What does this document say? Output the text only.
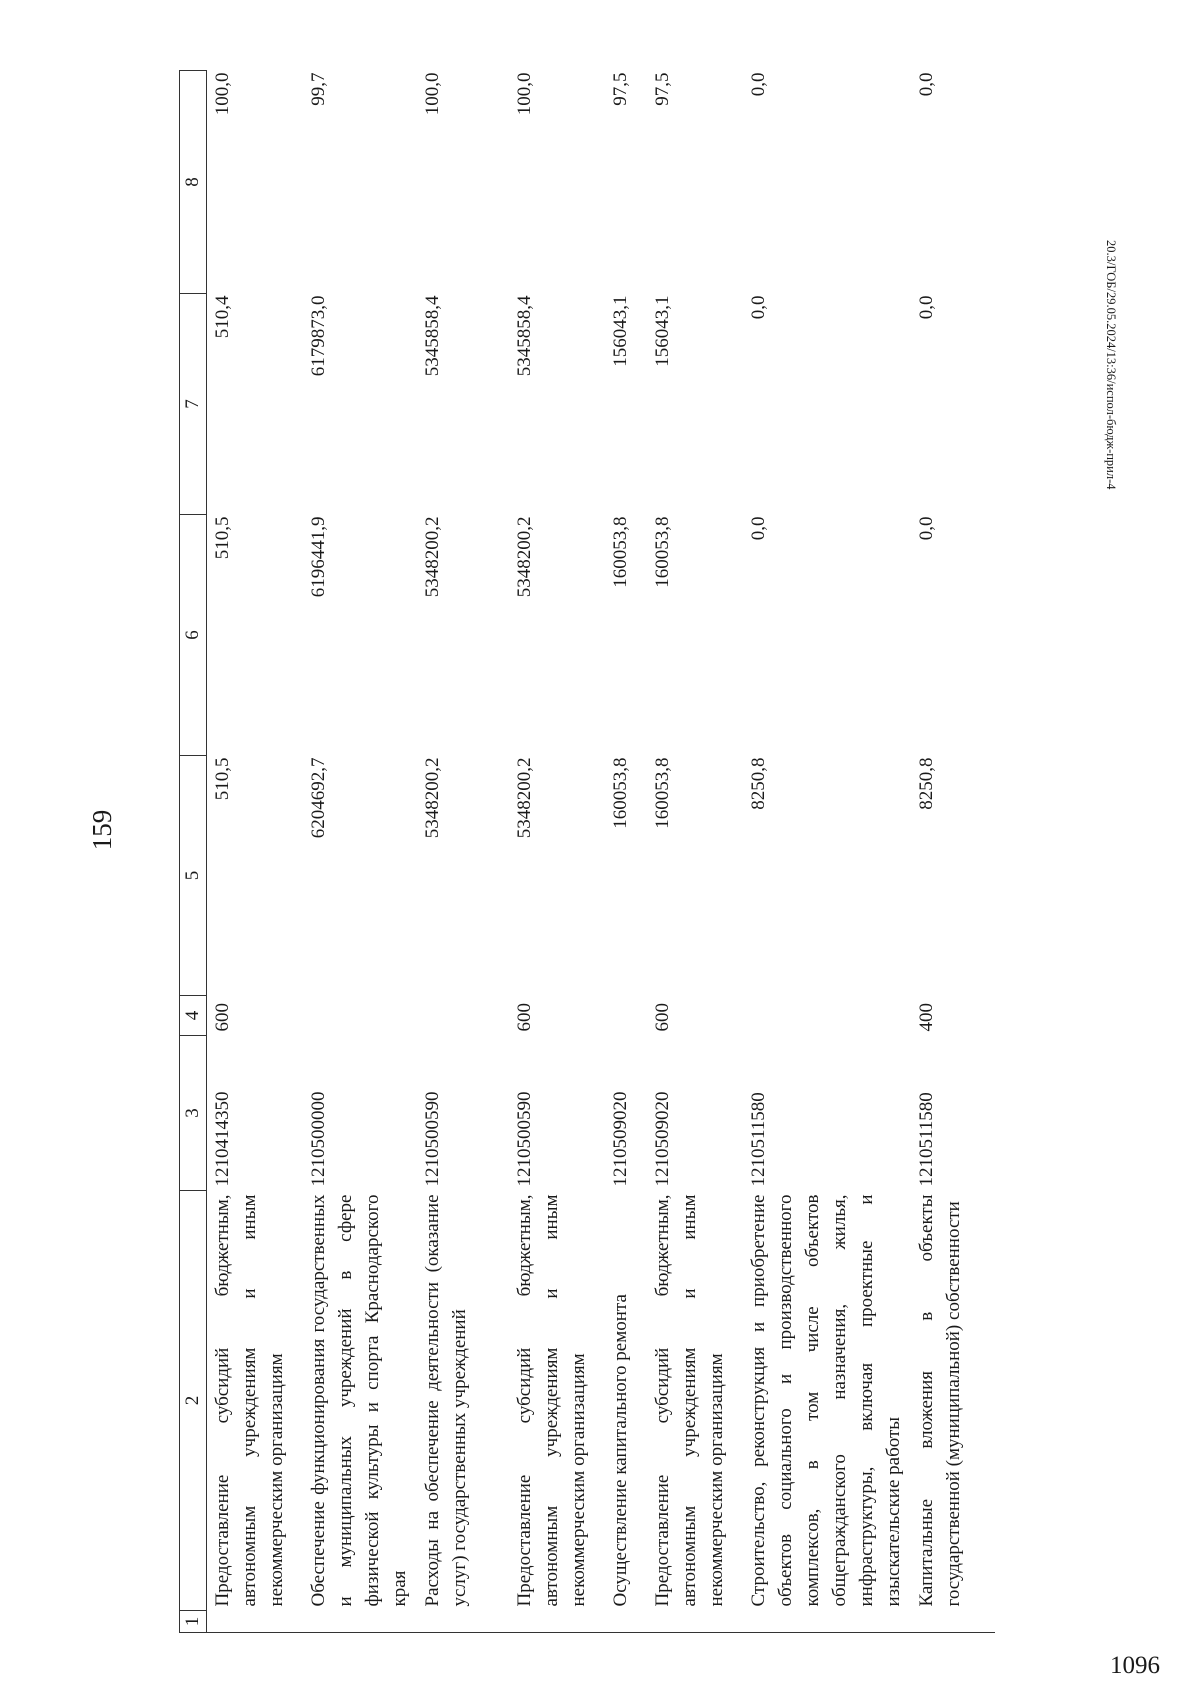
159
1096
20.3/ГОБ/29.05.2024/13:36/испол-бюдж-прил-4
1	2	3	4	5	6	7	8
	Предоставление субсидий бюджетным, автономным учреждениям и иным некоммерческим организациям	1210414350	600	510,5	510,5	510,4	100,0
	Обеспечение функционирования государственных и муниципальных учреждений в сфере физической культуры и спорта Краснодарского края	1210500000		6204692,7	6196441,9	6179873,0	99,7
	Расходы на обеспечение деятельности (оказание услуг) государственных учреждений	1210500590		5348200,2	5348200,2	5345858,4	100,0
	Предоставление субсидий бюджетным, автономным учреждениям и иным некоммерческим организациям	1210500590	600	5348200,2	5348200,2	5345858,4	100,0
	Осуществление капитального ремонта	1210509020		160053,8	160053,8	156043,1	97,5
	Предоставление субсидий бюджетным, автономным учреждениям и иным некоммерческим организациям	1210509020	600	160053,8	160053,8	156043,1	97,5
	Строительство, реконструкция и приобретение объектов социального и производственного комплексов, в том числе объектов общегражданского назначения, жилья, инфраструктуры, включая проектные и изыскательские работы	1210511580		8250,8	0,0	0,0	0,0
	Капитальные вложения в объекты государственной (муниципальной) собственности	1210511580	400	8250,8	0,0	0,0	0,0
